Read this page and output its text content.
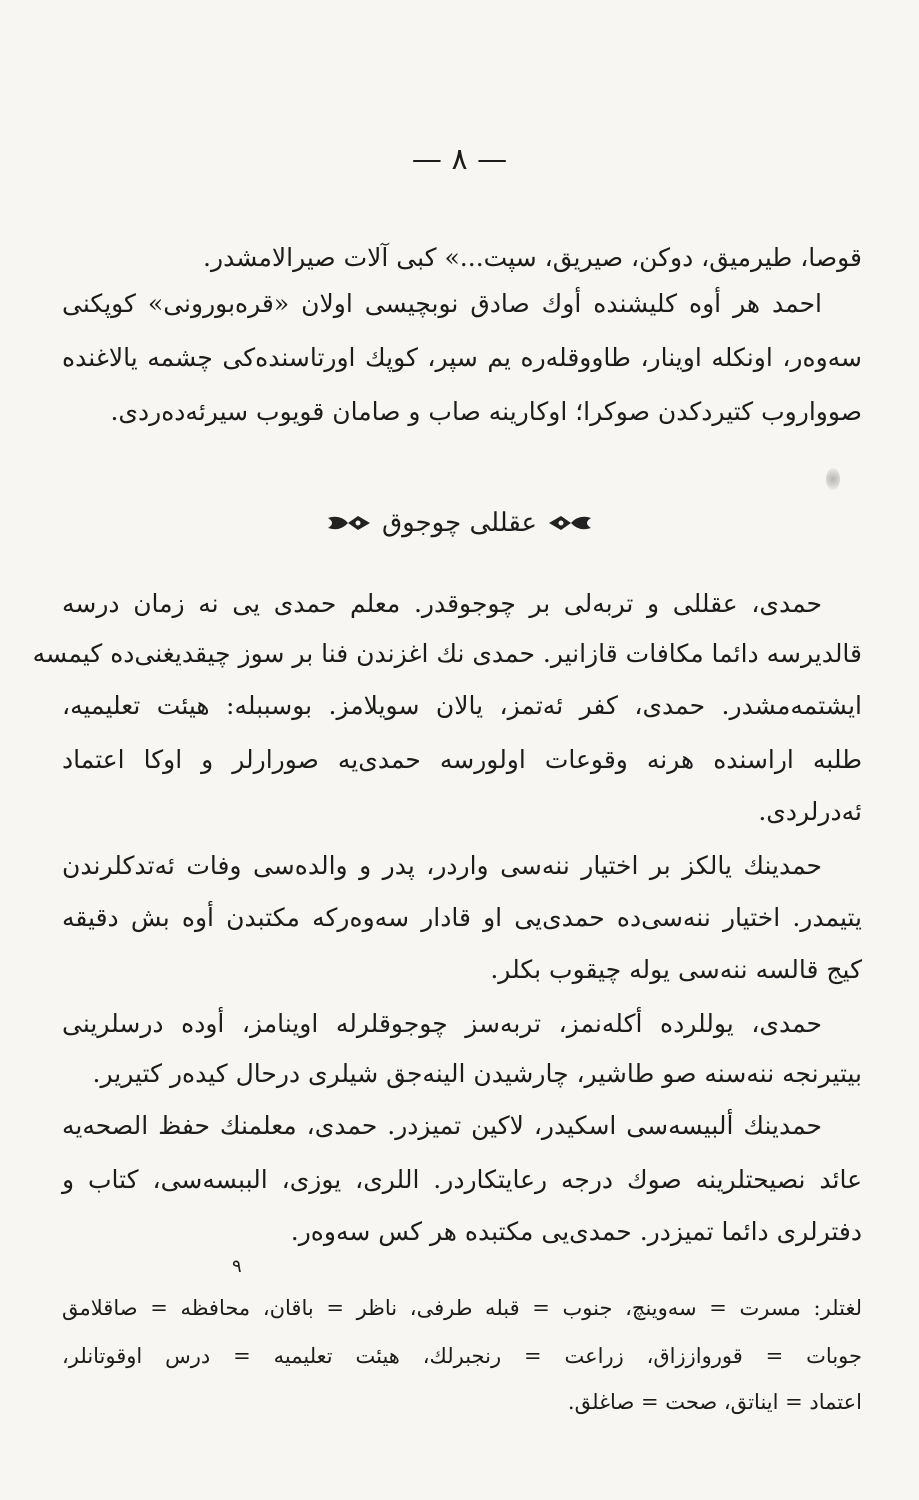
— ۸ —
قوصا، طیرمیق، دوکن، صیریق، سپت...» کبی آلات صیرالامشدر.
احمد هر أوه کلیشنده أوك صادق نوبچیسی اولان «قره‌بورونی» کوپکنی
سه‌وه‌ر، اونکله اوینار، طاووقله‌ره یم سپر، کوپك اورتاسنده‌کی چشمه یالاغنده
صوواروب کتیردکدن صوکرا؛ اوکارینه صاب و صامان قویوب سیرئه‌ده‌ردی.
عقللی چوجوق
حمدی، عقللی و تربه‌لی بر چوجوقدر. معلم حمدی‌ یی نه زمان درسه
قالدیرسه دائما مکافات قازانیر. حمدی نك اغزندن فنا بر سوز چیقدیغنی‌ده کیمسه
ایشتمه‌مشدر. حمدی، کفر ئه‌تمز، یالان سویلامز. بوسببله: هیئت تعلیمیه،
طلبه اراسنده هرنه وقوعات اولورسه حمدی‌یه صورارلر و اوکا اعتماد
ئه‌درلردی.
حمدینك یالکز بر اختیار ننه‌سی واردر، پدر و والده‌سی وفات ئه‌تدکلرندن
یتیمدر. اختیار ننه‌سی‌ده حمدی‌یی او قادار سه‌وه‌رکه مکتبدن أوه بش دقیقه
کیج قالسه ننه‌سی یوله چیقوب بکلر.
حمدی، یوللرده أکله‌نمز، تربه‌سز چوجوقلرله اوینامز، أوده درسلرینی
بیتیرنجه ننه‌سنه صو طاشیر، چارشیدن الینه‌جق شیلری درحال کیده‌ر کتیریر.
حمدینك ألبیسه‌سی اسکیدر، لاکین تمیزدر. حمدی، معلمنك حفظ الصحه‌یه
عائد نصیحتلرینه صوك درجه رعایتکاردر. اللری، یوزی، الببسه‌سی، کتاب و
دفترلری دائما تمیزدر. حمدی‌یی مکتبده هر کس سه‌وه‌ر.
۹
لغتلر: مسرت = سه‌وینچ، جنوب = قبله طرفی، ناظر = باقان، محافظه = صاقلامق
جوبات = قورواززاق، زراعت = رنجبرلك، هیئت تعلیمیه = درس اوقوتانلر،
اعتماد = ایناتق، صحت = صاغلق.
